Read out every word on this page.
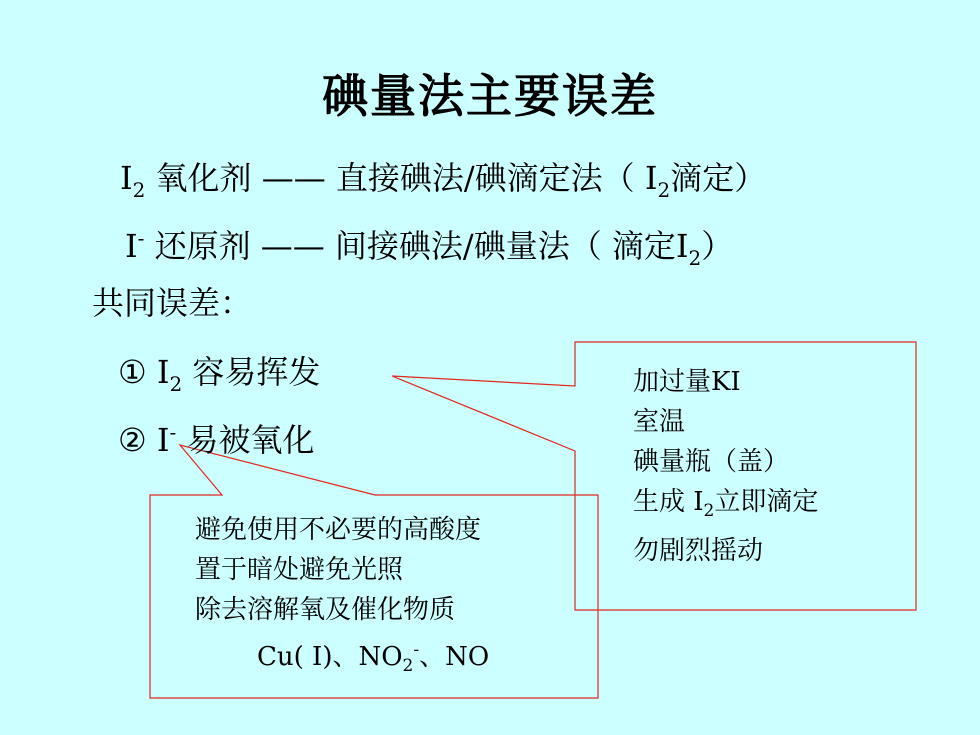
碘量法主要误差
$I_2$ 氧化剂 —— 直接碘法/碘滴定法（ $I_2$滴定）
I- 还原剂 —— 间接碘法/碘量法（ 滴定$I_2$）
共同误差：
① $I_2$ 容易挥发
② I- 易被氧化
加过量KI
室温
碘量瓶（盖）
生成 $I_2$立即滴定
勿剧烈摇动
避免使用不必要的高酸度
置于暗处避免光照
除去溶解氧及催化物质
Cu( Ⅰ)、$NO_2^-$、NO
